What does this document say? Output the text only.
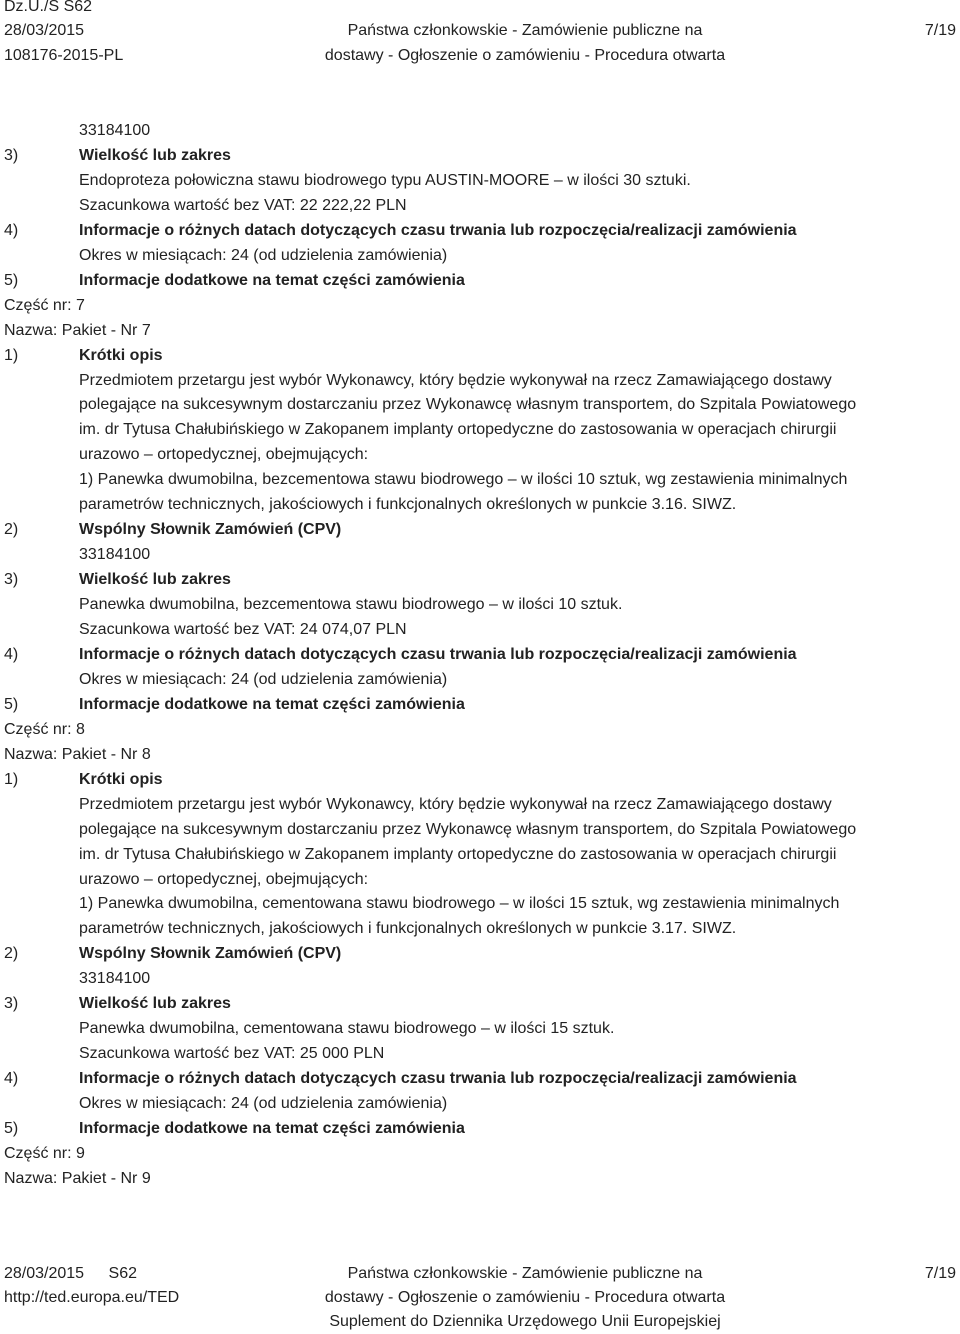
Dz.U./S S62
28/03/2015
108176-2015-PL
Państwa członkowskie - Zamówienie publiczne na
dostawy - Ogłoszenie o zamówieniu - Procedura otwarta
7/19
33184100
3)	Wielkość lub zakres
Endoproteza połowiczna stawu biodrowego typu AUSTIN-MOORE – w ilości 30 sztuki.
Szacunkowa wartość bez VAT: 22 222,22 PLN
4)	Informacje o różnych datach dotyczących czasu trwania lub rozpoczęcia/realizacji zamówienia
Okres w miesiącach: 24 (od udzielenia zamówienia)
5)	Informacje dodatkowe na temat części zamówienia
Część nr: 7
Nazwa: Pakiet - Nr 7
1)	Krótki opis
Przedmiotem przetargu jest wybór Wykonawcy, który będzie wykonywał na rzecz Zamawiającego dostawy
polegające na sukcesywnym dostarczaniu przez Wykonawcę własnym transportem, do Szpitala Powiatowego
im. dr Tytusa Chałubińskiego w Zakopanem implanty ortopedyczne do zastosowania w operacjach chirurgii
urazowo – ortopedycznej, obejmujących:
1) Panewka dwumobilna, bezcementowa stawu biodrowego – w ilości 10 sztuk, wg zestawienia minimalnych
parametrów technicznych, jakościowych i funkcjonalnych określonych w punkcie 3.16. SIWZ.
2)	Wspólny Słownik Zamówień (CPV)
33184100
3)	Wielkość lub zakres
Panewka dwumobilna, bezcementowa stawu biodrowego – w ilości 10 sztuk.
Szacunkowa wartość bez VAT: 24 074,07 PLN
4)	Informacje o różnych datach dotyczących czasu trwania lub rozpoczęcia/realizacji zamówienia
Okres w miesiącach: 24 (od udzielenia zamówienia)
5)	Informacje dodatkowe na temat części zamówienia
Część nr: 8
Nazwa: Pakiet - Nr 8
1)	Krótki opis
Przedmiotem przetargu jest wybór Wykonawcy, który będzie wykonywał na rzecz Zamawiającego dostawy
polegające na sukcesywnym dostarczaniu przez Wykonawcę własnym transportem, do Szpitala Powiatowego
im. dr Tytusa Chałubińskiego w Zakopanem implanty ortopedyczne do zastosowania w operacjach chirurgii
urazowo – ortopedycznej, obejmujących:
1) Panewka dwumobilna, cementowana stawu biodrowego – w ilości 15 sztuk, wg zestawienia minimalnych
parametrów technicznych, jakościowych i funkcjonalnych określonych w punkcie 3.17. SIWZ.
2)	Wspólny Słownik Zamówień (CPV)
33184100
3)	Wielkość lub zakres
Panewka dwumobilna, cementowana stawu biodrowego – w ilości 15 sztuk.
Szacunkowa wartość bez VAT: 25 000 PLN
4)	Informacje o różnych datach dotyczących czasu trwania lub rozpoczęcia/realizacji zamówienia
Okres w miesiącach: 24 (od udzielenia zamówienia)
5)	Informacje dodatkowe na temat części zamówienia
Część nr: 9
Nazwa: Pakiet - Nr 9
28/03/2015 S62
http://ted.europa.eu/TED
Państwa członkowskie - Zamówienie publiczne na
dostawy - Ogłoszenie o zamówieniu - Procedura otwarta
Suplement do Dziennika Urzędowego Unii Europejskiej
7/19
